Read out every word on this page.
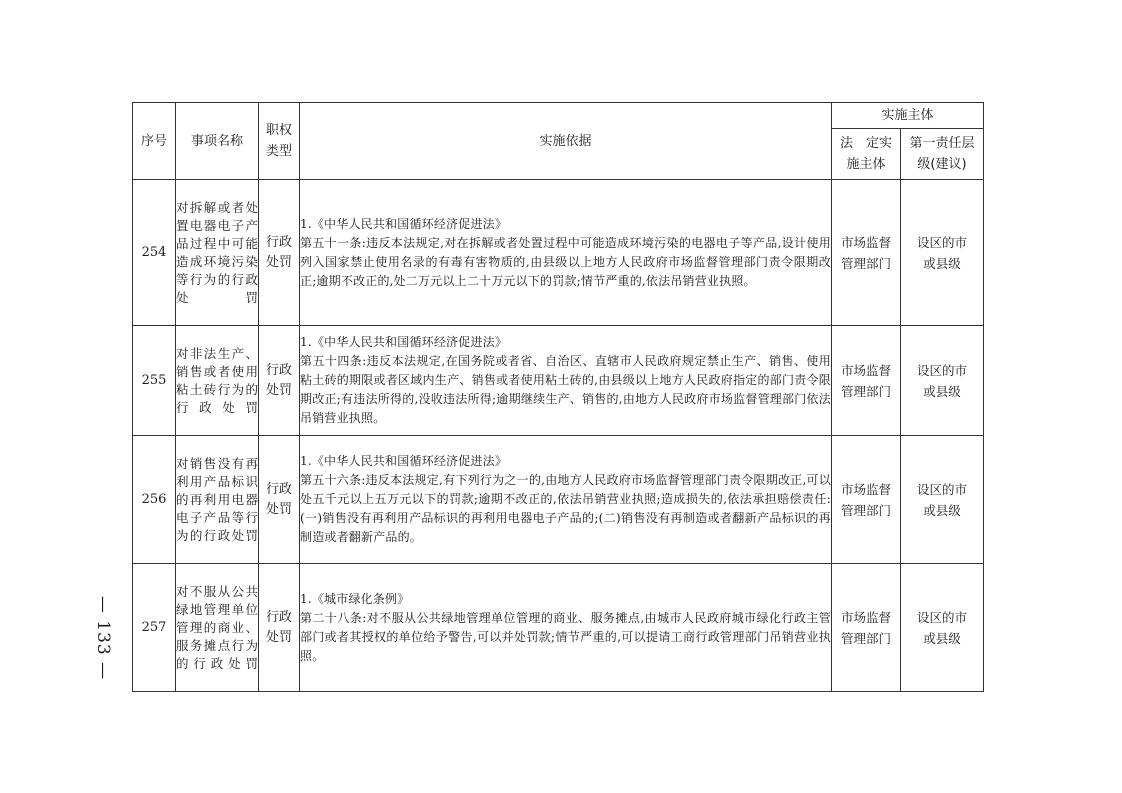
— 133 —
序号	事项名称	职权类型	实施依据	实施主体	
				法　定实施主体	第一责任层级(建议)
254	对拆解或者处置电器电子产品过程中可能造成环境污染等行为的行政处罚	行政处罚	1.《中华人民共和国循环经济促进法》
第五十一条:违反本法规定,对在拆解或者处置过程中可能造成环境污染的电器电子等产品,设计使用列入国家禁止使用名录的有毒有害物质的,由县级以上地方人民政府市场监督管理部门责令限期改正;逾期不改正的,处二万元以上二十万元以下的罚款;情节严重的,依法吊销营业执照。	市场监督管理部门	设区的市或县级
255	对非法生产、销售或者使用粘土砖行为的行政处罚	行政处罚	1.《中华人民共和国循环经济促进法》
第五十四条:违反本法规定,在国务院或者省、自治区、直辖市人民政府规定禁止生产、销售、使用粘土砖的期限或者区域内生产、销售或者使用粘土砖的,由县级以上地方人民政府指定的部门责令限期改正;有违法所得的,没收违法所得;逾期继续生产、销售的,由地方人民政府市场监督管理部门依法吊销营业执照。	市场监督管理部门	设区的市或县级
256	对销售没有再利用产品标识的再利用电器电子产品等行为的行政处罚	行政处罚	1.《中华人民共和国循环经济促进法》
第五十六条:违反本法规定,有下列行为之一的,由地方人民政府市场监督管理部门责令限期改正,可以处五千元以上五万元以下的罚款;逾期不改正的,依法吊销营业执照;造成损失的,依法承担赔偿责任:(一)销售没有再利用产品标识的再利用电器电子产品的;(二)销售没有再制造或者翻新产品标识的再制造或者翻新产品的。	市场监督管理部门	设区的市或县级
257	对不服从公共绿地管理单位管理的商业、服务摊点行为的行政处罚	行政处罚	1.《城市绿化条例》
第二十八条:对不服从公共绿地管理单位管理的商业、服务摊点,由城市人民政府城市绿化行政主管部门或者其授权的单位给予警告,可以并处罚款;情节严重的,可以提请工商行政管理部门吊销营业执照。	市场监督管理部门	设区的市或县级
